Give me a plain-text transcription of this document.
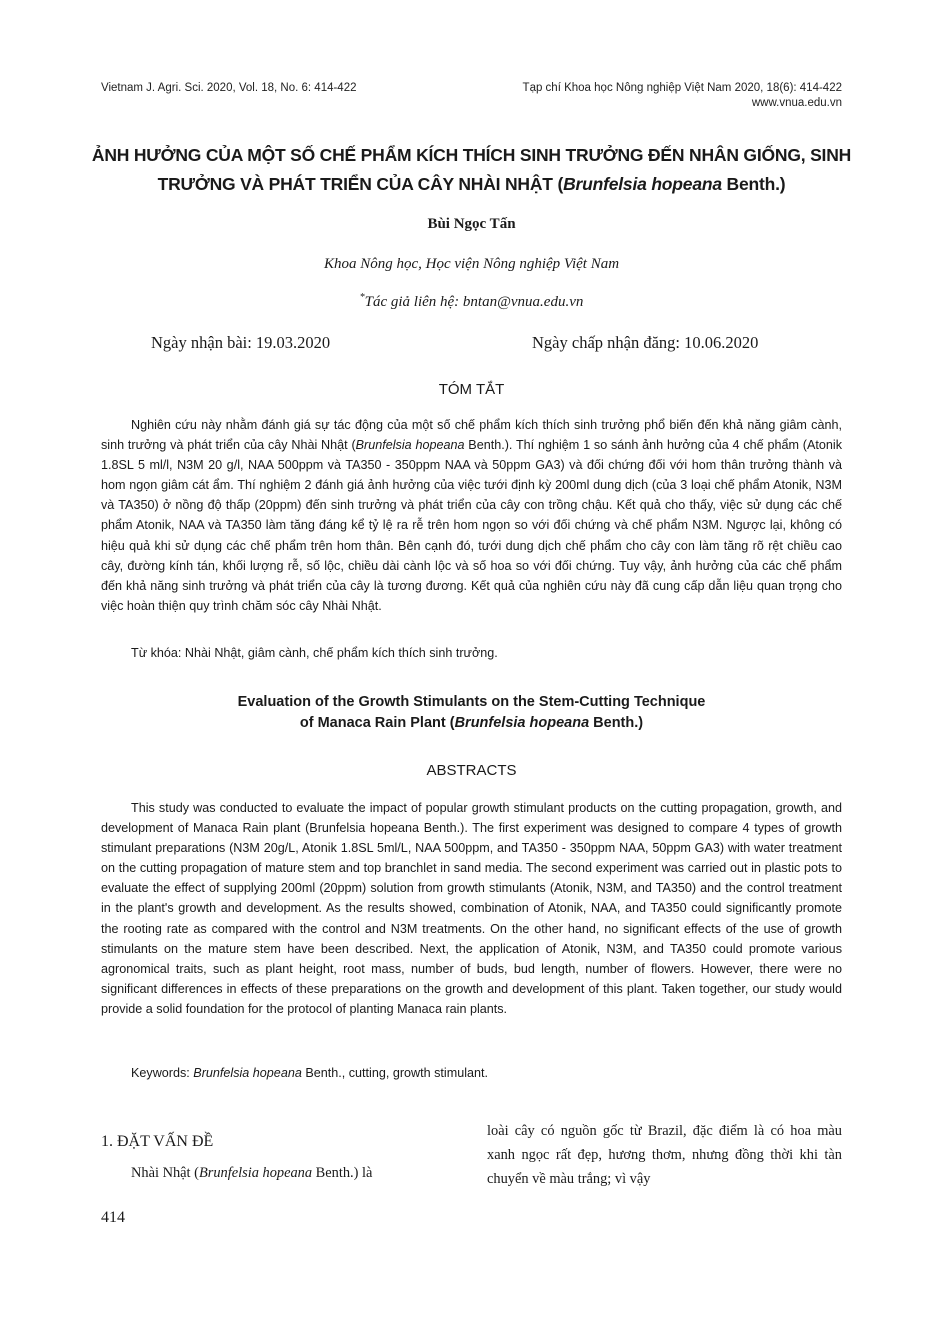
Vietnam J. Agri. Sci. 2020, Vol. 18, No. 6: 414-422	Tạp chí Khoa học Nông nghiệp Việt Nam 2020, 18(6): 414-422
www.vnua.edu.vn
ẢNH HƯỞNG CỦA MỘT SỐ CHẾ PHẨM KÍCH THÍCH SINH TRƯỞNG ĐẾN NHÂN GIỐNG, SINH
TRƯỞNG VÀ PHÁT TRIỂN CỦA CÂY NHÀI NHẬT (Brunfelsia hopeana Benth.)
Bùi Ngọc Tấn
Khoa Nông học, Học viện Nông nghiệp Việt Nam
*Tác giả liên hệ: bntan@vnua.edu.vn
Ngày nhận bài: 19.03.2020	Ngày chấp nhận đăng: 10.06.2020
TÓM TẮT
Nghiên cứu này nhằm đánh giá sự tác động của một số chế phẩm kích thích sinh trưởng phổ biến đến khả năng giâm cành, sinh trưởng và phát triển của cây Nhài Nhật (Brunfelsia hopeana Benth.). Thí nghiệm 1 so sánh ảnh hưởng của 4 chế phẩm (Atonik 1.8SL 5 ml/l, N3M 20 g/l, NAA 500ppm và TA350 - 350ppm NAA và 50ppm GA3) và đối chứng đối với hom thân trưởng thành và hom ngọn giâm cát ẩm. Thí nghiệm 2 đánh giá ảnh hưởng của việc tưới định kỳ 200ml dung dịch (của 3 loại chế phẩm Atonik, N3M và TA350) ở nồng độ thấp (20ppm) đến sinh trưởng và phát triển của cây con trồng chậu. Kết quả cho thấy, việc sử dụng các chế phẩm Atonik, NAA và TA350 làm tăng đáng kể tỷ lệ ra rễ trên hom ngọn so với đối chứng và chế phẩm N3M. Ngược lại, không có hiệu quả khi sử dụng các chế phẩm trên hom thân. Bên cạnh đó, tưới dung dịch chế phẩm cho cây con làm tăng rõ rệt chiều cao cây, đường kính tán, khối lượng rễ, số lộc, chiều dài cành lộc và số hoa so với đối chứng. Tuy vậy, ảnh hưởng của các chế phẩm đến khả năng sinh trưởng và phát triển của cây là tương đương. Kết quả của nghiên cứu này đã cung cấp dẫn liệu quan trọng cho việc hoàn thiện quy trình chăm sóc cây Nhài Nhật.
Từ khóa: Nhài Nhật, giâm cành, chế phẩm kích thích sinh trưởng.
Evaluation of the Growth Stimulants on the Stem-Cutting Technique
of Manaca Rain Plant (Brunfelsia hopeana Benth.)
ABSTRACTS
This study was conducted to evaluate the impact of popular growth stimulant products on the cutting propagation, growth, and development of Manaca Rain plant (Brunfelsia hopeana Benth.). The first experiment was designed to compare 4 types of growth stimulant preparations (N3M 20g/L, Atonik 1.8SL 5ml/L, NAA 500ppm, and TA350 - 350ppm NAA, 50ppm GA3) with water treatment on the cutting propagation of mature stem and top branchlet in sand media. The second experiment was carried out in plastic pots to evaluate the effect of supplying 200ml (20ppm) solution from growth stimulants (Atonik, N3M, and TA350) and the control treatment in the plant's growth and development. As the results showed, combination of Atonik, NAA, and TA350 could significantly promote the rooting rate as compared with the control and N3M treatments. On the other hand, no significant effects of the use of growth stimulants on the mature stem have been described. Next, the application of Atonik, N3M, and TA350 could promote various agronomical traits, such as plant height, root mass, number of buds, bud length, number of flowers. However, there were no significant differences in effects of these preparations on the growth and development of this plant. Taken together, our study would provide a solid foundation for the protocol of planting Manaca rain plants.
Keywords: Brunfelsia hopeana Benth., cutting, growth stimulant.
1. ĐẶT VẤN ĐỀ
Nhài Nhật (Brunfelsia hopeana Benth.) là
loài cây có nguồn gốc từ Brazil, đặc điểm là có hoa màu xanh ngọc rất đẹp, hương thơm, nhưng đồng thời khi tàn chuyển về màu trắng; vì vậy
414
